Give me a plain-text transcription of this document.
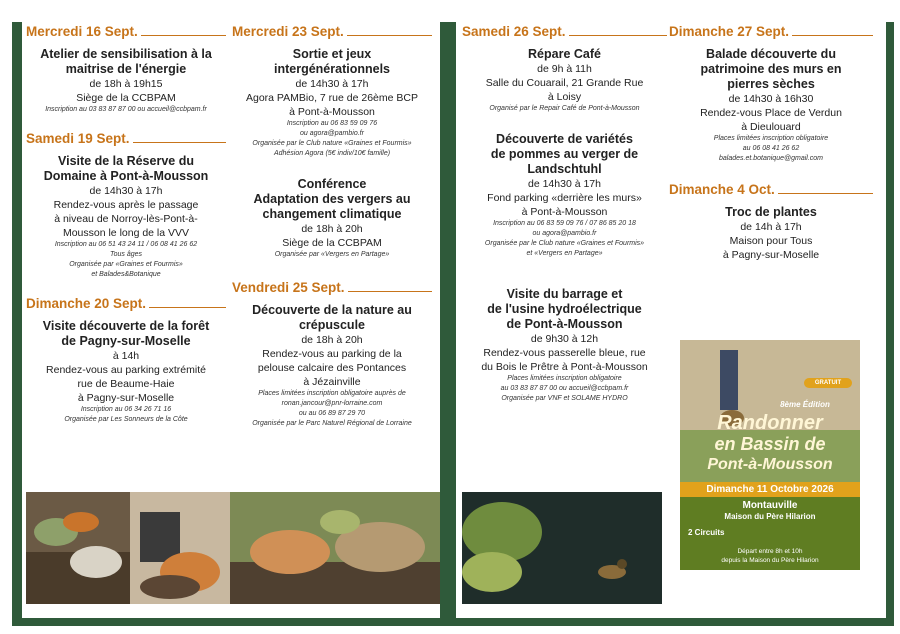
Mercredi 16 Sept.
Atelier de sensibilisation à la
maitrise de l'énergie
de 18h à 19h15
Siège de la CCBPAM
Inscription au 03 83 87 87 00 ou accueil@ccbpam.fr
Samedi 19 Sept.
Visite de la Réserve du
Domaine à Pont-à-Mousson
de 14h30 à 17h
Rendez-vous après le passage
à niveau de Norroy-lès-Pont-à-
Mousson le long de la VVV
Inscription au 06 51 43 24 11 / 06 08 41 26 62
Tous âges
Organisée par «Graines et Fourmis»
et Balades&Botanique
Dimanche 20 Sept.
Visite découverte de la forêt
de Pagny-sur-Moselle
à 14h
Rendez-vous au parking extrémité
rue de Beaume-Haie
à Pagny-sur-Moselle
Inscription au 06 34 26 71 16
Organisée par Les Sonneurs de la Côte
Mercredi 23 Sept.
Sortie et jeux
intergénérationnels
de 14h30 à 17h
Agora PAMBio, 7 rue de 26ème BCP
à Pont-à-Mousson
Inscription au 06 83 59 09 76
ou agora@pambio.fr
Organisée par le Club nature «Graines et Fourmis»
Adhésion Agora (5€ indiv/10€ famille)
Conférence
Adaptation des vergers au
changement climatique
de 18h à 20h
Siège de la CCBPAM
Organisée par «Vergers en Partage»
Vendredi 25 Sept.
Découverte de la nature au
crépuscule
de 18h à 20h
Rendez-vous au parking de la
pelouse calcaire des Pontances
à Jézainville
Places limitées inscription obligatoire auprès de
ronan.jancour@pnr-lorraine.com
ou au 06 89 87 29 70
Organisée par le Parc Naturel Régional de Lorraine
Samedi 26 Sept.
Répare Café
de 9h à 11h
Salle du Couarail, 21 Grande Rue
à Loisy
Organisé par le Repair Café de Pont-à-Mousson
Découverte de variétés
de pommes au verger de
Landschtuhl
de 14h30 à 17h
Fond parking «derrière les murs»
à Pont-à-Mousson
Inscription au 06 83 59 09 76 / 07 86 85 20 18
ou agora@pambio.fr
Organisée par le Club nature «Graines et Fourmis»
et «Vergers en Partage»
Visite du barrage et
de l'usine hydroélectrique
de Pont-à-Mousson
de 9h30 à 12h
Rendez-vous passerelle bleue, rue
du Bois le Prêtre à Pont-à-Mousson
Places limitées inscription obligatoire
au 03 83 87 87 00 ou accueil@ccbpam.fr
Organisée par VNF et SOLAME HYDRO
Dimanche 27 Sept.
Balade découverte du
patrimoine des murs en
pierres sèches
de 14h30 à 16h30
Rendez-vous Place de Verdun
à Dieulouard
Places limitées inscription obligatoire
au 06 08 41 26 62
balades.et.botanique@gmail.com
Dimanche 4 Oct.
Troc de plantes
de 14h à 17h
Maison pour Tous
à Pagny-sur-Moselle
GRATUIT
8ème Édition
Randonner
en Bassin de
Pont-à-Mousson
Dimanche 11 Octobre 2026
Montauville
Maison du Père Hilarion
2 Circuits
Départ entre 8h et 10h
depuis la Maison du Père Hilarion
